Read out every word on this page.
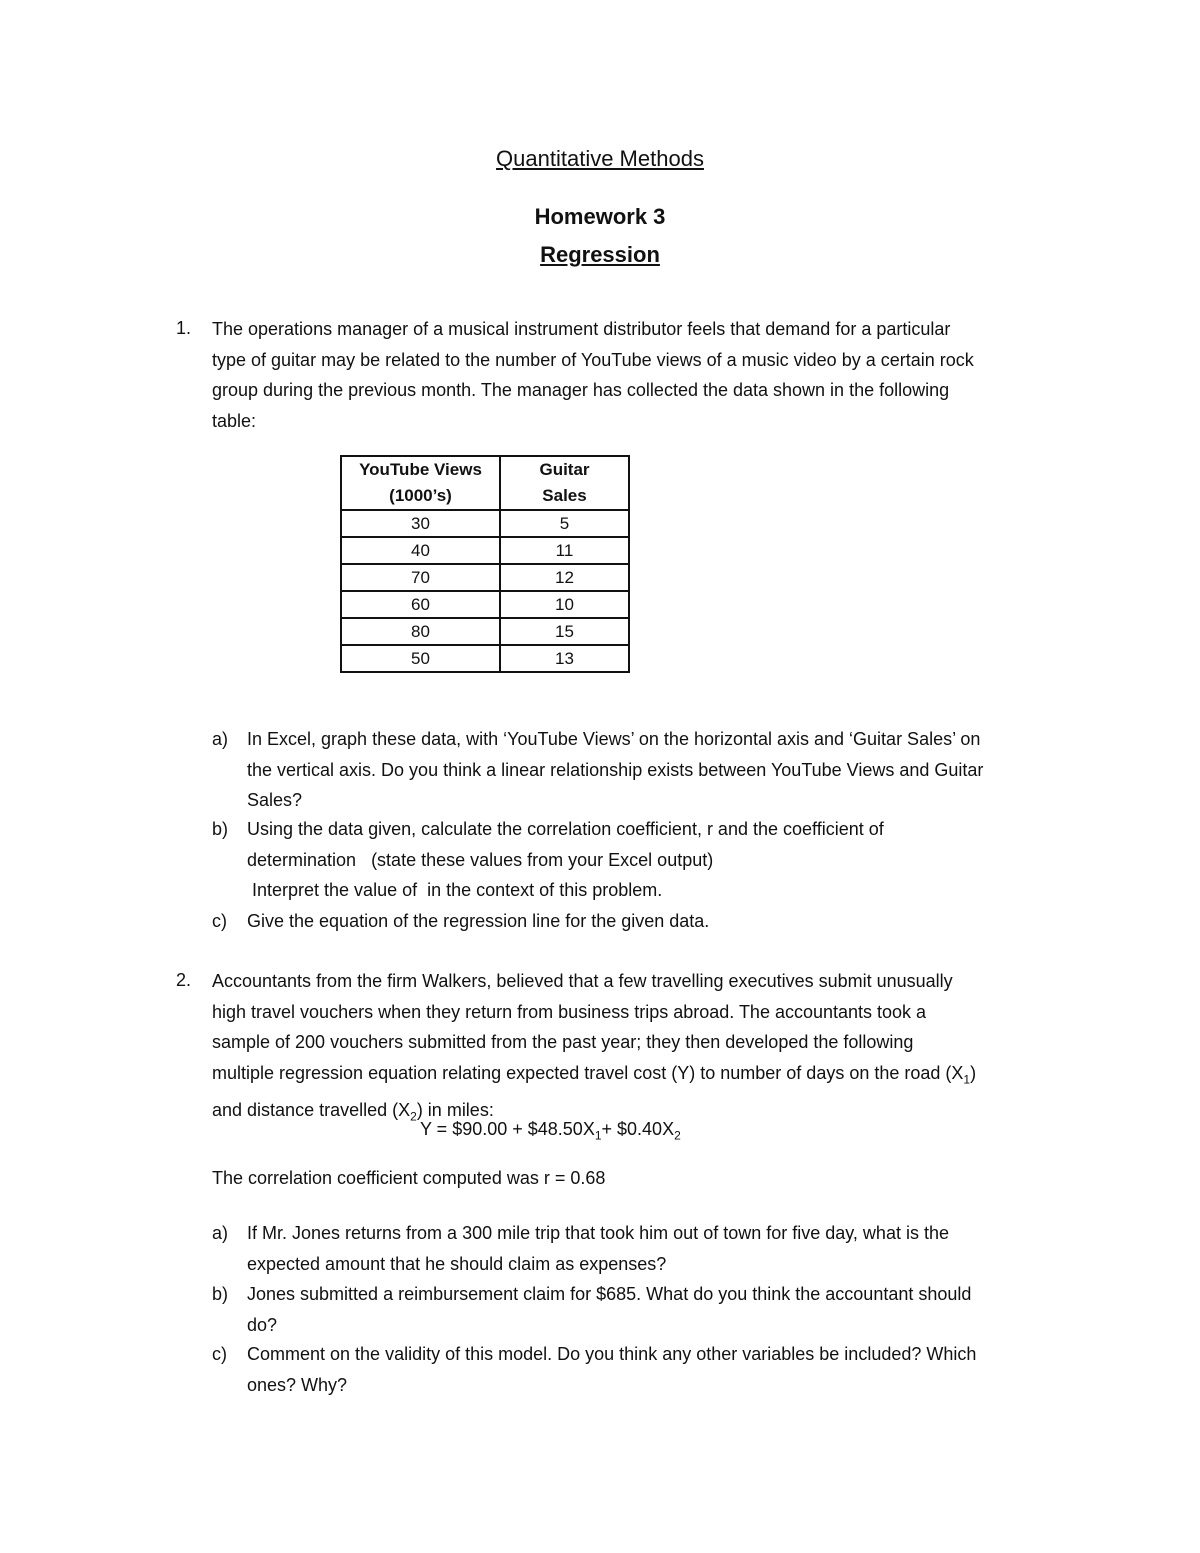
Quantitative Methods
Homework 3
Regression
1. The operations manager of a musical instrument distributor feels that demand for a particular
type of guitar may be related to the number of YouTube views of a music video by a certain rock
group during the previous month. The manager has collected the data shown in the following
table:
YouTube Views
(1000’s)	Guitar
Sales

30	5
40	11
70	12
60	10
80	15
50	13
a) In Excel, graph these data, with ‘YouTube Views’ on the horizontal axis and ‘Guitar Sales’ on
the vertical axis. Do you think a linear relationship exists between YouTube Views and Guitar
Sales?
b) Using the data given, calculate the correlation coefficient, r and the coefficient of
determination   (state these values from your Excel output)
Interpret the value of  in the context of this problem.
c) Give the equation of the regression line for the given data.
2. Accountants from the firm Walkers, believed that a few travelling executives submit unusually
high travel vouchers when they return from business trips abroad. The accountants took a
sample of 200 vouchers submitted from the past year; they then developed the following
multiple regression equation relating expected travel cost (Y) to number of days on the road $(X_1)$
and distance travelled $(X_2)$ in miles:
Y = $90.00 + $\$48.50X_1+$ $\$0.40X_2$
The correlation coefficient computed was r = 0.68
a) If Mr. Jones returns from a 300 mile trip that took him out of town for five day, what is the
expected amount that he should claim as expenses?
b) Jones submitted a reimbursement claim for $685. What do you think the accountant should
do?
c) Comment on the validity of this model. Do you think any other variables be included? Which
ones? Why?
